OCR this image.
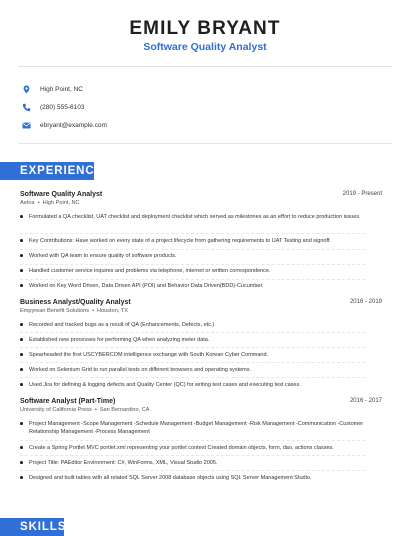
EMILY BRYANT
Software Quality Analyst
High Point, NC
(280) 555-6103
ebryant@example.com
EXPERIENCE
Software Quality Analyst	2019 - Present
Aetna • High Point, NC
Formulated a QA checklist, UAT checklist and deployment checklist which served as milestones as an effort to reduce production issues.
Key Contributions: Have worked on every state of a project lifecycle from gathering requirements to UAT Testing and signoff.
Worked with QA team to ensure quality of software products.
Handled customer service inquires and problems via telephone, internet or written correspondence.
Worked on Key Word Driven, Data Driven API (POI) and Behavior Data Driven(BDD)-Cucumber.
Business Analyst/Quality Analyst	2016 - 2019
Empyrean Benefit Solutions • Houston, TX
Recorded and tracked bugs as a result of QA (Enhancements, Defects, etc.)
Established new processes for performing QA when analyzing meter data.
Spearheaded the first USCYBERCOM intelligence exchange with South Korean Cyber Command.
Worked on Selenium Grid to run parallel tests on different browsers and operating systems.
Used Jira for defining & logging defects and Quality Center (QC) for writing test cases and executing test cases.
Software Analyst (Part-Time)	2016 - 2017
University of California Press • San Bernardino, CA
Project Management -Scope Management -Schedule Management -Budget Management -Risk Management -Communication -Customer Relationship Management -Process Management
Create a Spring Portlet MVC portlet.xml representing your portlet context Created domain objects, form, dao, actions classes.
Project Title: PAEditor Environment: C#, WinForms, XML, Visual Studio 2005.
Designed and built tables with all related SQL Server 2008 database objects using SQL Server Management Studio.
SKILLS
